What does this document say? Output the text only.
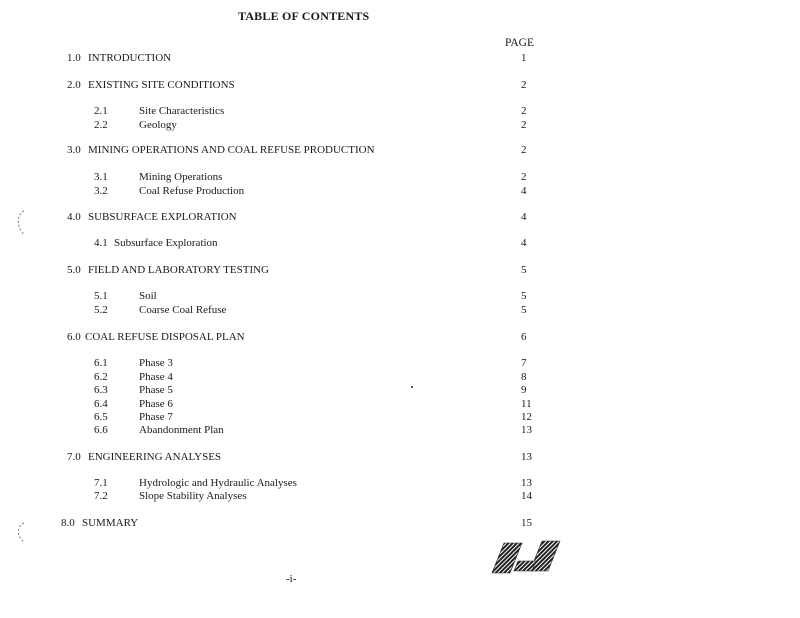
TABLE OF CONTENTS
PAGE
1.0 INTRODUCTION	1
2.0 EXISTING SITE CONDITIONS	2
2.1	Site Characteristics	2
2.2	Geology	2
3.0 MINING OPERATIONS AND COAL REFUSE PRODUCTION	2
3.1	Mining Operations	2
3.2	Coal Refuse Production	4
4.0 SUBSURFACE EXPLORATION	4
4.1 Subsurface Exploration	4
5.0 FIELD AND LABORATORY TESTING	5
5.1	Soil	5
5.2	Coarse Coal Refuse	5
6.0 COAL REFUSE DISPOSAL PLAN	6
6.1	Phase 3	7
6.2	Phase 4	8
6.3	Phase 5	9
6.4	Phase 6	11
6.5	Phase 7	12
6.6	Abandonment Plan	13
7.0 ENGINEERING ANALYSES	13
7.1	Hydrologic and Hydraulic Analyses	13
7.2	Slope Stability Analyses	14
8.0 SUMMARY	15
-i-
